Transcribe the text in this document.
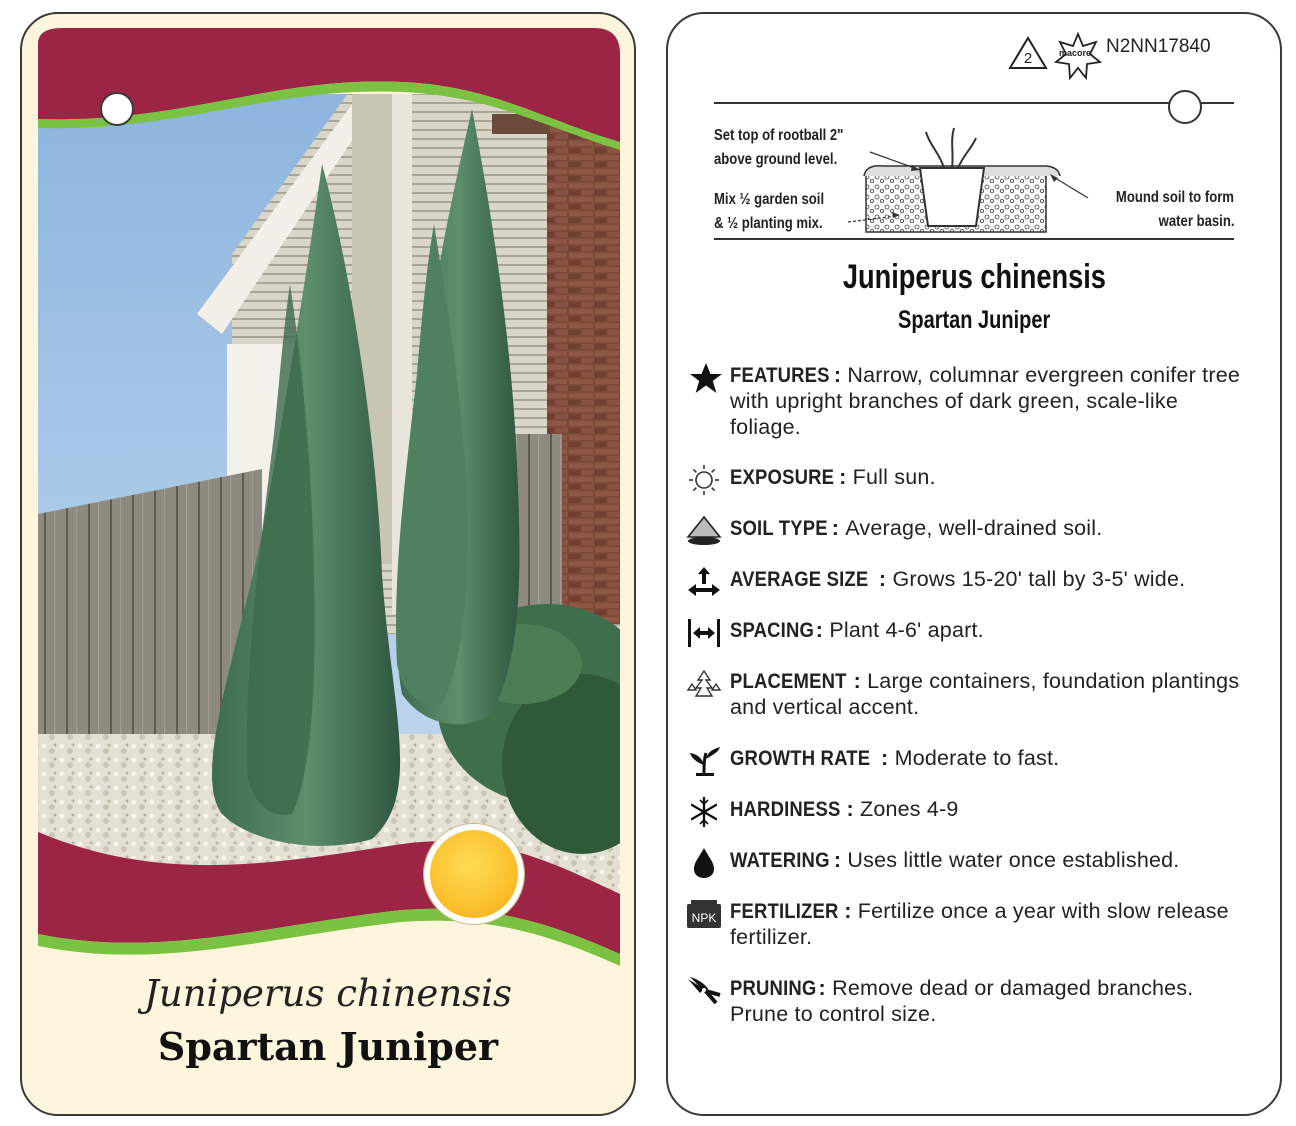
Juniperus chinensis
Spartan Juniper
2	macore N2NN17840
Set top of rootball 2"
above ground level.
Mix ½ garden soil
& ½ planting mix.
Mound soil to form
water basin.
Juniperus chinensis
Spartan Juniper
FEATURES : Narrow, columnar evergreen conifer tree with upright branches of dark green, scale-like foliage.
EXPOSURE : Full sun.
SOIL TYPE : Average, well-drained soil.
AVERAGE SIZE : Grows 15-20' tall by 3-5' wide.
SPACING: Plant 4-6' apart.
PLACEMENT : Large containers, foundation plantings and vertical accent.
GROWTH RATE : Moderate to fast.
HARDINESS : Zones 4-9
WATERING : Uses little water once established.
NPK FERTILIZER : Fertilize once a year with slow release fertilizer.
PRUNING: Remove dead or damaged branches. Prune to control size.
